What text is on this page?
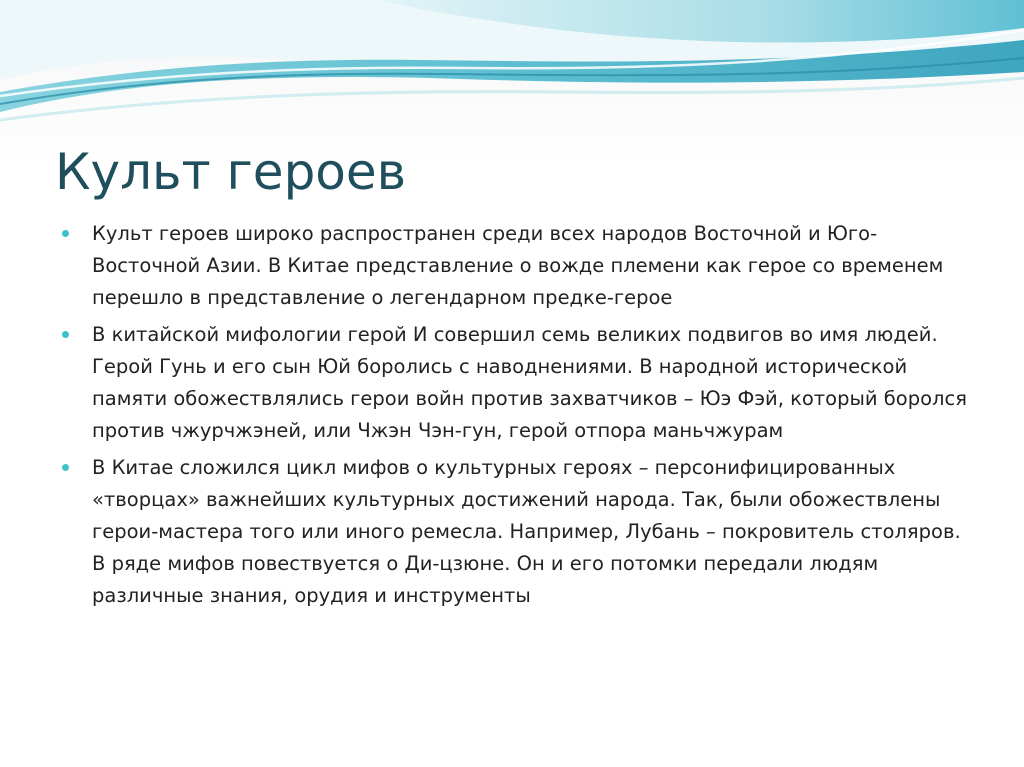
Культ героев
Культ героев широко распространен среди всех народов Восточной и Юго-Восточной Азии. В Китае представление о вожде племени как герое со временем перешло в представление о легендарном предке-герое
В китайской мифологии герой И совершил семь великих подвигов во имя людей. Герой Гунь и его сын Юй боролись с наводнениями. В народной исторической памяти обожествлялись герои войн против захватчиков – Юэ Фэй, который боролся против чжурчжэней, или Чжэн Чэн-гун, герой отпора маньчжурам
В Китае сложился цикл мифов о культурных героях – персонифицированных «творцах» важнейших культурных достижений народа. Так, были обожествлены герои-мастера того или иного ремесла. Например, Лубань – покровитель столяров. В ряде мифов повествуется о Ди-цзюне. Он и его потомки передали людям различные знания, орудия и инструменты
